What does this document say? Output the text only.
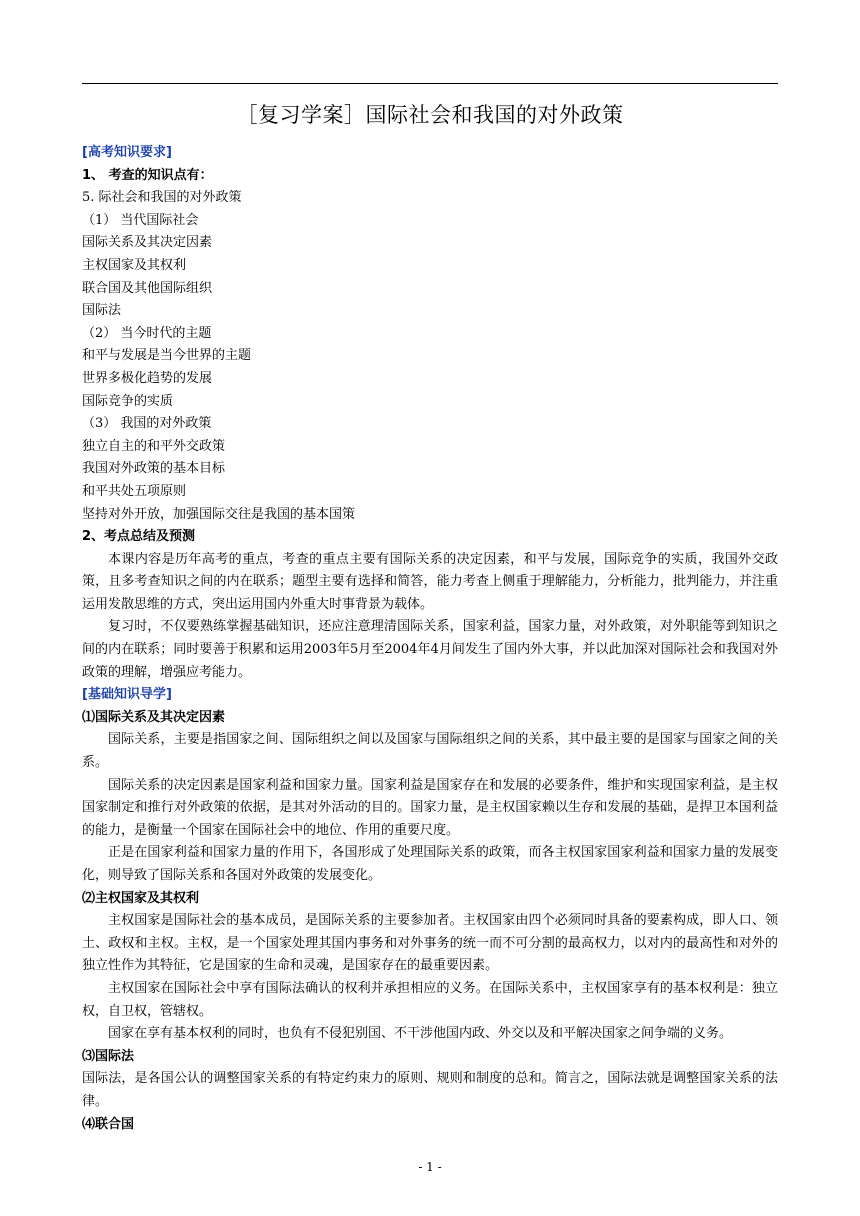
［复习学案］国际社会和我国的对外政策
[高考知识要求]
1、 考查的知识点有：
5. 际社会和我国的对外政策
（1） 当代国际社会
国际关系及其决定因素
主权国家及其权利
联合国及其他国际组织
国际法
（2） 当今时代的主题
和平与发展是当今世界的主题
世界多极化趋势的发展
国际竞争的实质
（3） 我国的对外政策
独立自主的和平外交政策
我国对外政策的基本目标
和平共处五项原则
坚持对外开放，加强国际交往是我国的基本国策
2、考点总结及预测
本课内容是历年高考的重点，考查的重点主要有国际关系的决定因素，和平与发展，国际竞争的实质，我国外交政策，且多考查知识之间的内在联系；题型主要有选择和简答，能力考查上侧重于理解能力，分析能力，批判能力，并注重运用发散思维的方式，突出运用国内外重大时事背景为载体。
复习时，不仅要熟练掌握基础知识，还应注意理清国际关系，国家利益，国家力量，对外政策，对外职能等到知识之间的内在联系；同时要善于积累和运用2003年5月至2004年4月间发生了国内外大事，并以此加深对国际社会和我国对外政策的理解，增强应考能力。
[基础知识导学]
⑴国际关系及其决定因素
国际关系，主要是指国家之间、国际组织之间以及国家与国际组织之间的关系，其中最主要的是国家与国家之间的关系。
国际关系的决定因素是国家利益和国家力量。国家利益是国家存在和发展的必要条件，维护和实现国家利益，是主权国家制定和推行对外政策的依据，是其对外活动的目的。国家力量，是主权国家赖以生存和发展的基础，是捍卫本国利益的能力，是衡量一个国家在国际社会中的地位、作用的重要尺度。
正是在国家利益和国家力量的作用下，各国形成了处理国际关系的政策，而各主权国家国家利益和国家力量的发展变化，则导致了国际关系和各国对外政策的发展变化。
⑵主权国家及其权利
主权国家是国际社会的基本成员，是国际关系的主要参加者。主权国家由四个必须同时具备的要素构成，即人口、领土、政权和主权。主权，是一个国家处理其国内事务和对外事务的统一而不可分割的最高权力，以对内的最高性和对外的独立性作为其特征，它是国家的生命和灵魂，是国家存在的最重要因素。
主权国家在国际社会中享有国际法确认的权利并承担相应的义务。在国际关系中，主权国家享有的基本权利是：独立权，自卫权，管辖权。
国家在享有基本权利的同时，也负有不侵犯别国、不干涉他国内政、外交以及和平解决国家之间争端的义务。
⑶国际法
国际法，是各国公认的调整国家关系的有特定约束力的原则、规则和制度的总和。简言之，国际法就是调整国家关系的法律。
⑷联合国
- 1 -
